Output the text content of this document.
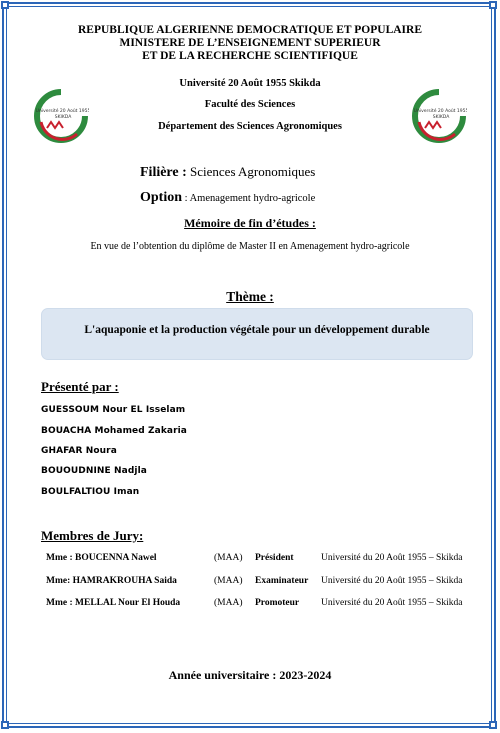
REPUBLIQUE ALGERIENNE DEMOCRATIQUE ET POPULAIRE
MINISTERE DE L’ENSEIGNEMENT SUPERIEUR
ET DE LA RECHERCHE SCIENTIFIQUE
Université 20 Août 1955 Skikda
Faculté des Sciences
Département des Sciences Agronomiques
Université 20 Août 1955
SKIKDA
Université 20 Août 1955
SKIKDA
Filière : Sciences Agronomiques
Option : Amenagement hydro-agricole
Mémoire de fin d’études :
En vue de l’obtention du diplôme de Master II en Amenagement hydro-agricole
Thème :
L'aquaponie et la production végétale pour un développement durable
Présenté par :
GUESSOUM Nour EL Isselam
BOUACHA Mohamed Zakaria
GHAFAR Noura
BOUOUDNINE Nadjla
BOULFALTIOU Iman
Membres de Jury:
Mme : BOUCENNA Nawel	(MAA) Président	Université du 20 Août 1955 – Skikda
Mme: HAMRAKROUHA Saida	(MAA) Examinateur Université du 20 Août 1955 – Skikda
Mme : MELLAL Nour El Houda	(MAA) Promoteur Université du 20 Août 1955 – Skikda
Année universitaire : 2023-2024
